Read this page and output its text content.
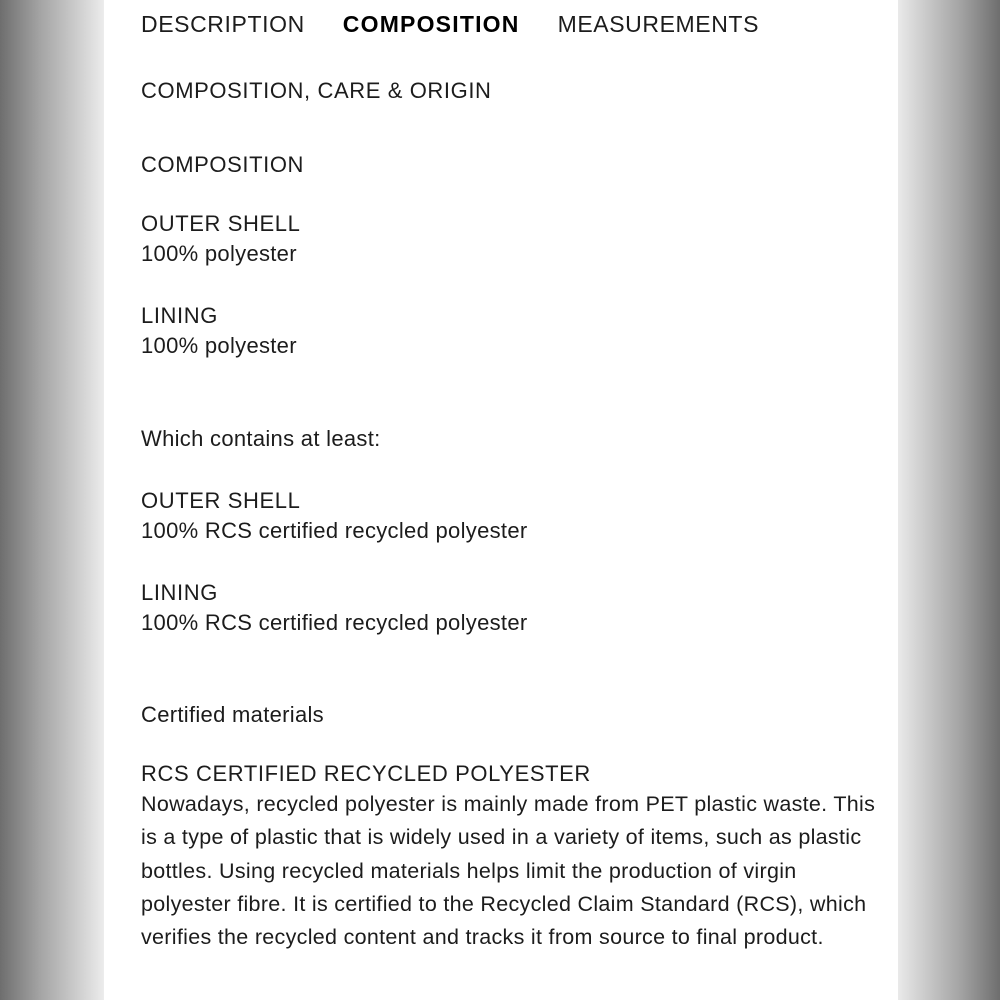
DESCRIPTION COMPOSITION MEASUREMENTS
COMPOSITION, CARE & ORIGIN
COMPOSITION
OUTER SHELL
100% polyester
LINING
100% polyester
Which contains at least:
OUTER SHELL
100% RCS certified recycled polyester
LINING
100% RCS certified recycled polyester
Certified materials
RCS CERTIFIED RECYCLED POLYESTER
Nowadays, recycled polyester is mainly made from PET plastic waste. This is a type of plastic that is widely used in a variety of items, such as plastic bottles. Using recycled materials helps limit the production of virgin polyester fibre. It is certified to the Recycled Claim Standard (RCS), which verifies the recycled content and tracks it from source to final product.
